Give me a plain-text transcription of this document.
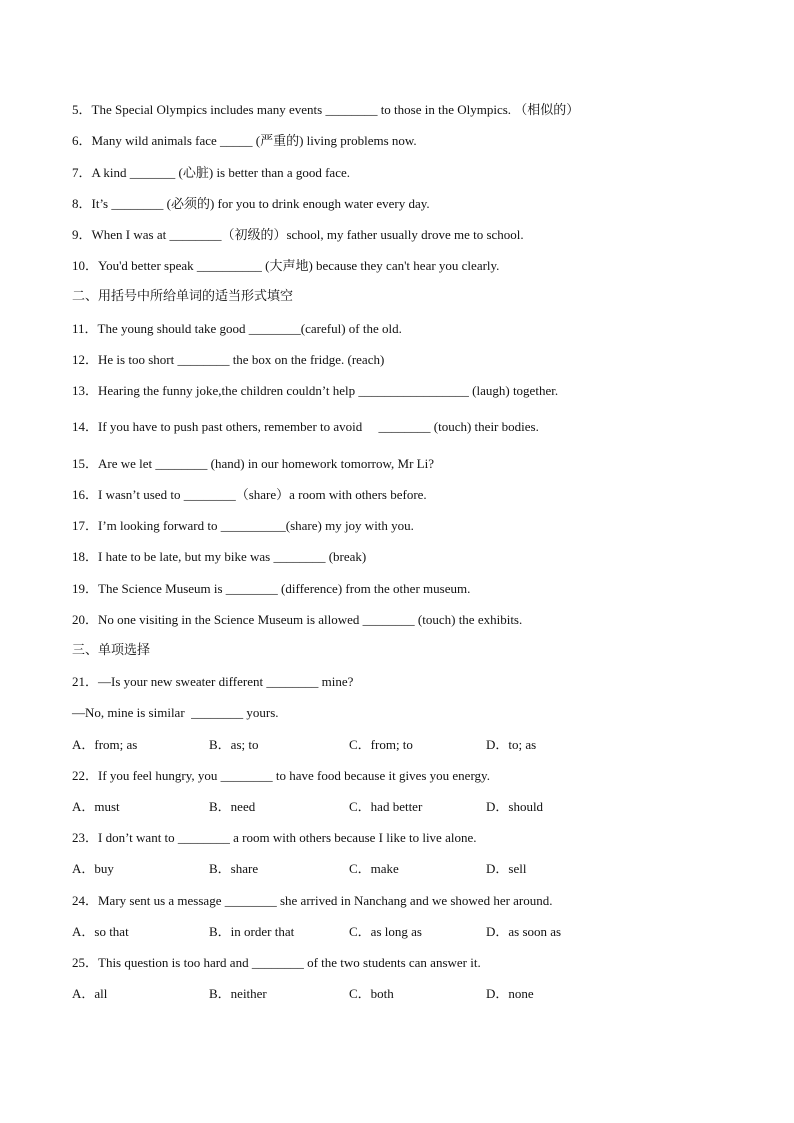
5．The Special Olympics includes many events ________ to those in the Olympics. （相似的）
6．Many wild animals face _____ (严重的) living problems now.
7．A kind _______ (心脏) is better than a good face.
8．It’s ________ (必须的) for you to drink enough water every day.
9．When I was at ________（初级的）school, my father usually drove me to school.
10．You'd better speak __________ (大声地) because they can't hear you clearly.
二、用括号中所给单词的适当形式填空
11．The young should take good ________(careful) of the old.
12．He is too short ________ the box on the fridge. (reach)
13．Hearing the funny joke,the children couldn’t help _________________ (laugh) together.
14．If you have to push past others, remember to avoid     ________ (touch) their bodies.
15．Are we let ________ (hand) in our homework tomorrow, Mr Li?
16．I wasn’t used to ________（share）a room with others before.
17．I’m looking forward to __________(share) my joy with you.
18．I hate to be late, but my bike was ________ (break)
19．The Science Museum is ________ (difference) from the other museum.
20．No one visiting in the Science Museum is allowed ________ (touch) the exhibits.
三、单项选择
21．—Is your new sweater different ________ mine?
—No, mine is similar  ________ yours.
A．from; as	B．as; to	C．from; to	D．to; as
22．If you feel hungry, you ________ to have food because it gives you energy.
A．must	B．need	C．had better	D．should
23．I don’t want to ________ a room with others because I like to live alone.
A．buy	B．share	C．make	D．sell
24．Mary sent us a message ________ she arrived in Nanchang and we showed her around.
A．so that	B．in order that	C．as long as	D．as soon as
25．This question is too hard and ________ of the two students can answer it.
A．all	B．neither	C．both	D．none
